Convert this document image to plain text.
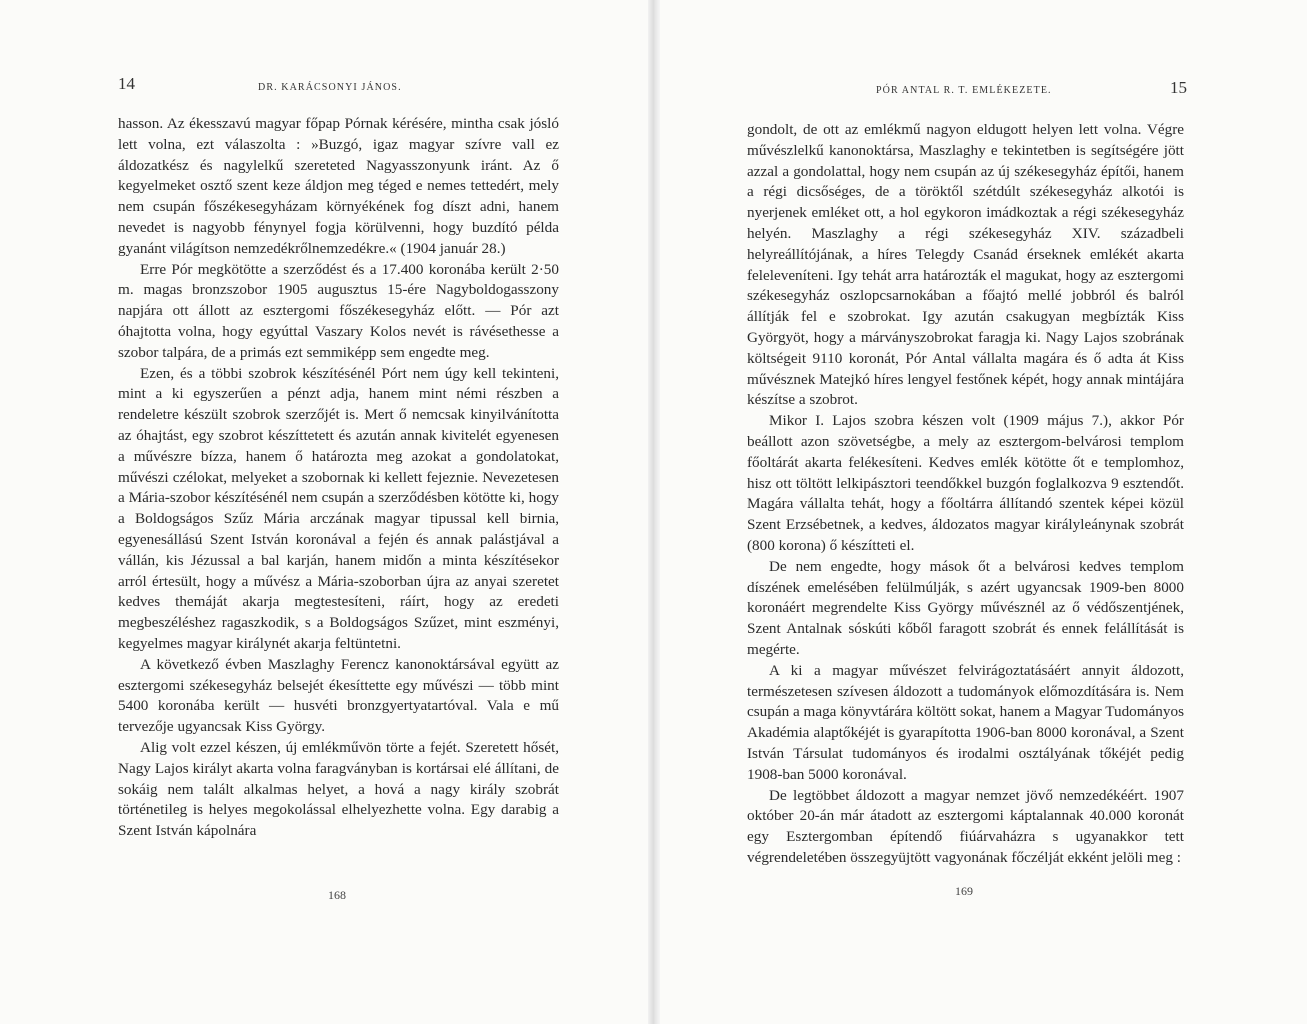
14	DR. KARÁCSONYI JÁNOS.

hasson. Az ékesszavú magyar főpap Pórnak kérésére, mintha csak jósló lett volna, ezt válaszolta : »Buzgó, igaz magyar szívre vall ez áldozatkész és nagylelkű szereteted Nagyasszonyunk iránt. Az ő kegyelmeket osztő szent keze áldjon meg téged e nemes tettedért, mely nem csupán főszékesegyházam környékének fog díszt adni, hanem nevedet is nagyobb fénynyel fogja körülvenni, hogy buzdító példa gyanánt világítson nemzedékrőlnemzedékre.« (1904 január 28.)

Erre Pór megkötötte a szerződést és a 17.400 koronába került 2·50 m. magas bronzszobor 1905 augusztus 15-ére Nagyboldogasszony napjára ott állott az esztergomi főszékesegyház előtt. — Pór azt óhajtotta volna, hogy egyúttal Vaszary Kolos nevét is rávésethesse a szobor talpára, de a primás ezt semmiképp sem engedte meg.

Ezen, és a többi szobrok készítésénél Pórt nem úgy kell tekinteni, mint a ki egyszerűen a pénzt adja, hanem mint némi részben a rendeletre készült szobrok szerzőjét is. Mert ő nemcsak kinyilvánította az óhajtást, egy szobrot készíttetett és azután annak kivitelét egyenesen a művészre bízza, hanem ő határozta meg azokat a gondolatokat, művészi czélokat, melyeket a szobornak ki kellett fejeznie. Nevezetesen a Mária-szobor készítésénél nem csupán a szerződésben kötötte ki, hogy a Boldogságos Szűz Mária arczának magyar tipussal kell birnia, egyenesállású Szent István koronával a fején és annak palástjával a vállán, kis Jézussal a bal karján, hanem midőn a minta készítésekor arról értesült, hogy a művész a Mária-szoborban újra az anyai szeretet kedves themáját akarja megtestesíteni, ráírt, hogy az eredeti megbeszéléshez ragaszkodik, s a Boldogságos Szűzet, mint eszményi, kegyelmes magyar királynét akarja feltüntetni.

A következő évben Maszlaghy Ferencz kanonoktársával együtt az esztergomi székesegyház belsejét ékesíttette egy művészi — több mint 5400 koronába került — husvéti bronzgyertyatartóval. Vala e mű tervezője ugyancsak Kiss György.

Alig volt ezzel készen, új emlékművön törte a fejét. Szeretett hősét, Nagy Lajos királyt akarta volna faragványban is kortársai elé állítani, de sokáig nem talált alkalmas helyet, a hová a nagy király szobrát történetileg is helyes megokolással elhelyezhette volna. Egy darabig a Szent István kápolnára

168
PÓR ANTAL R. T. EMLÉKEZETE.	15

gondolt, de ott az emlékmű nagyon eldugott helyen lett volna. Végre művészlelkű kanonoktársa, Maszlaghy e tekintetben is segítségére jött azzal a gondolattal, hogy nem csupán az új székesegyház építői, hanem a régi dicsőséges, de a töröktől szétdúlt székesegyház alkotói is nyerjenek emléket ott, a hol egykoron imádkoztak a régi székesegyház helyén. Maszlaghy a régi székesegyház XIV. századbeli helyreállítójának, a híres Telegdy Csanád érseknek emlékét akarta feleleveníteni. Igy tehát arra határozták el magukat, hogy az esztergomi székesegyház oszlopcsarnokában a főajtó mellé jobbról és balról állítják fel e szobrokat. Igy azután csakugyan megbízták Kiss Györgyöt, hogy a márványszobrokat faragja ki. Nagy Lajos szobrának költségeit 9110 koronát, Pór Antal vállalta magára és ő adta át Kiss művésznek Matejkó híres lengyel festőnek képét, hogy annak mintájára készítse a szobrot.

Mikor I. Lajos szobra készen volt (1909 május 7.), akkor Pór beállott azon szövetségbe, a mely az esztergom-belvárosi templom főoltárát akarta felékesíteni. Kedves emlék kötötte őt e templomhoz, hisz ott töltött lelkipásztori teendőkkel buzgón foglalkozva 9 esztendőt. Magára vállalta tehát, hogy a főoltárra állítandó szentek képei közül Szent Erzsébetnek, a kedves, áldozatos magyar királyleánynak szobrát (800 korona) ő készítteti el.

De nem engedte, hogy mások őt a belvárosi kedves templom díszének emelésében felülmúlják, s azért ugyancsak 1909-ben 8000 koronáért megrendelte Kiss György művésznél az ő védőszentjének, Szent Antalnak sóskúti kőből faragott szobrát és ennek felállítását is megérte.

A ki a magyar művészet felvirágoztatásáért annyit áldozott, természetesen szívesen áldozott a tudományok előmozdítására is. Nem csupán a maga könyvtárára költött sokat, hanem a Magyar Tudományos Akadémia alaptőkéjét is gyarapította 1906-ban 8000 koronával, a Szent István Társulat tudományos és irodalmi osztályának tőkéjét pedig 1908-ban 5000 koronával.

De legtöbbet áldozott a magyar nemzet jövő nemzedékéért. 1907 október 20-án már átadott az esztergomi káptalannak 40.000 koronát egy Esztergomban építendő fiúárvaházra s ugyanakkor tett végrendeletében összegyüjtött vagyonának főczélját ekként jelöli meg :

169
